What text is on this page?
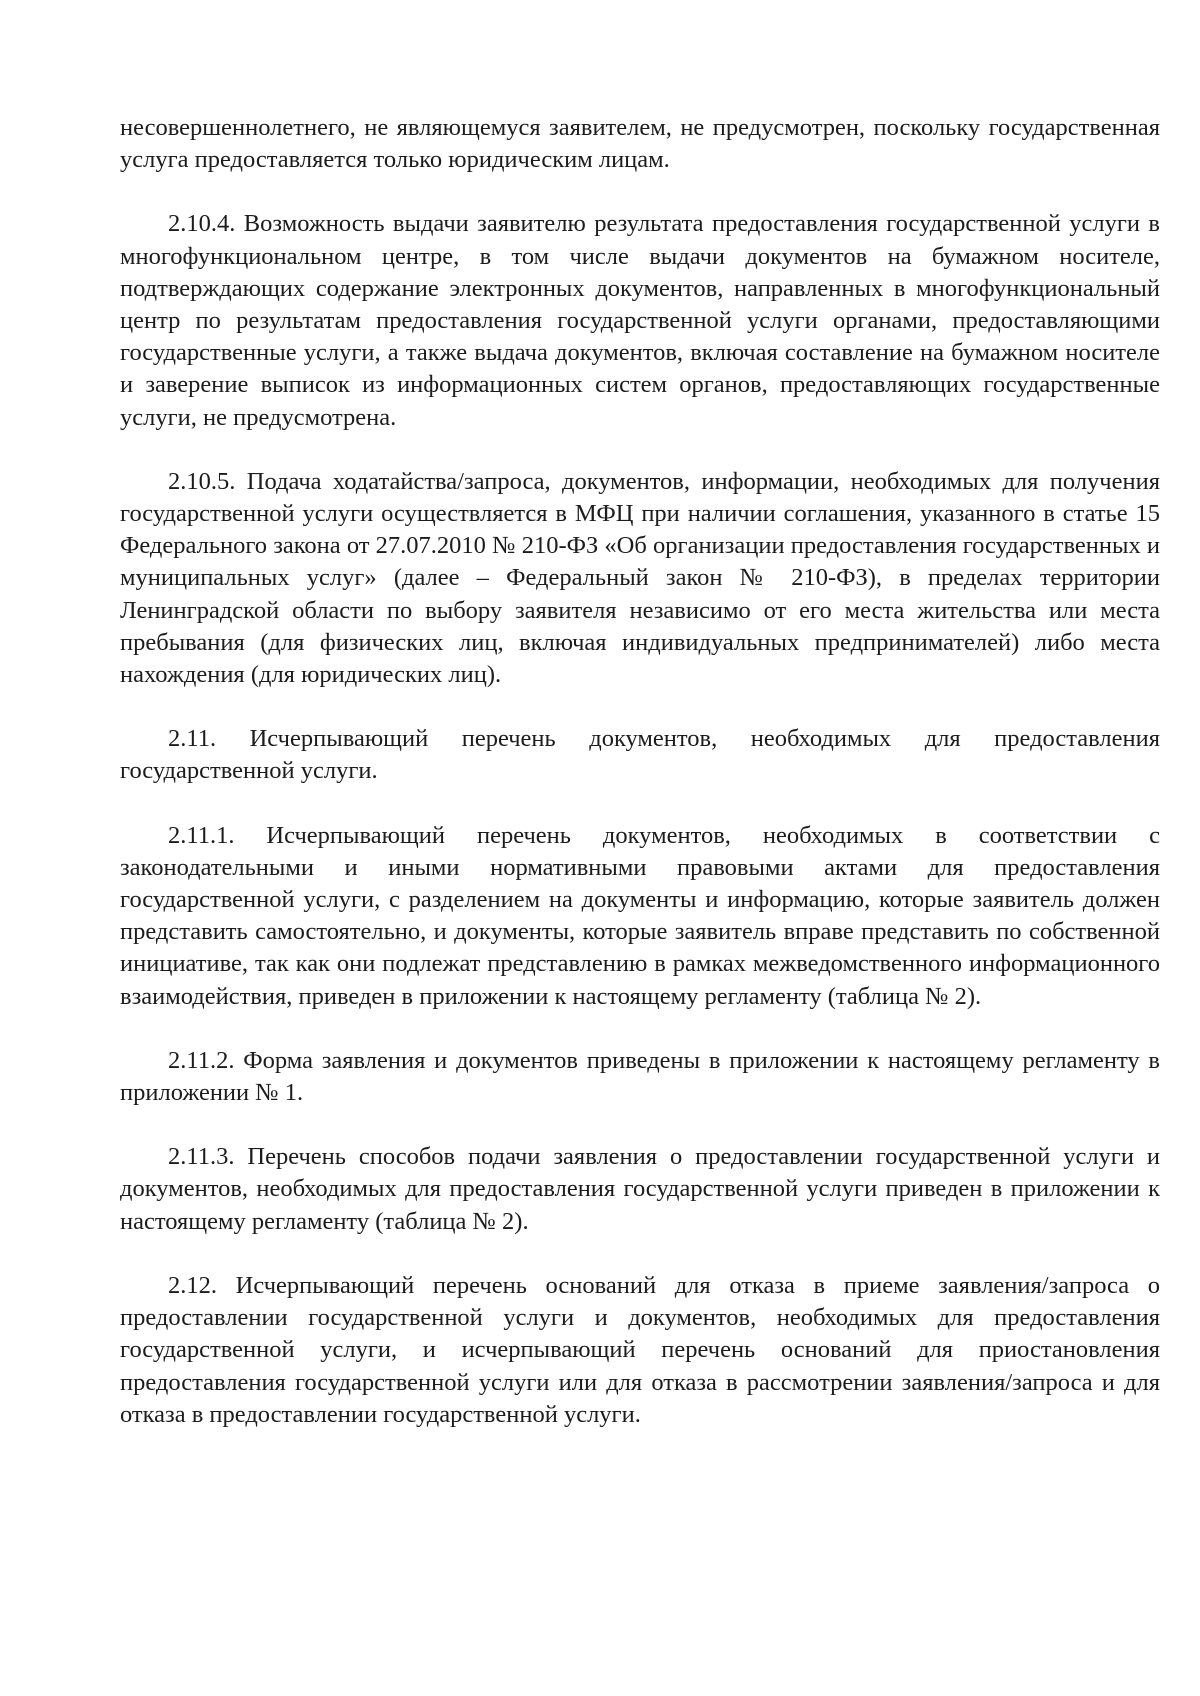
несовершеннолетнего, не являющемуся заявителем, не предусмотрен, поскольку государственная услуга предоставляется только юридическим лицам.

2.10.4. Возможность выдачи заявителю результата предоставления государственной услуги в многофункциональном центре, в том числе выдачи документов на бумажном носителе, подтверждающих содержание электронных документов, направленных в многофункциональный центр по результатам предоставления государственной услуги органами, предоставляющими государственные услуги, а также выдача документов, включая составление на бумажном носителе и заверение выписок из информационных систем органов, предоставляющих государственные услуги, не предусмотрена.

2.10.5. Подача ходатайства/запроса, документов, информации, необходимых для получения государственной услуги осуществляется в МФЦ при наличии соглашения, указанного в статье 15 Федерального закона от 27.07.2010 № 210-ФЗ «Об организации предоставления государственных и муниципальных услуг» (далее – Федеральный закон № 210-ФЗ), в пределах территории Ленинградской области по выбору заявителя независимо от его места жительства или места пребывания (для физических лиц, включая индивидуальных предпринимателей) либо места нахождения (для юридических лиц).

2.11. Исчерпывающий перечень документов, необходимых для предоставления государственной услуги.

2.11.1. Исчерпывающий перечень документов, необходимых в соответствии с законодательными и иными нормативными правовыми актами для предоставления государственной услуги, с разделением на документы и информацию, которые заявитель должен представить самостоятельно, и документы, которые заявитель вправе представить по собственной инициативе, так как они подлежат представлению в рамках межведомственного информационного взаимодействия, приведен в приложении к настоящему регламенту (таблица № 2).

2.11.2. Форма заявления и документов приведены в приложении к настоящему регламенту в приложении № 1.

2.11.3. Перечень способов подачи заявления о предоставлении государственной услуги и документов, необходимых для предоставления государственной услуги приведен в приложении к настоящему регламенту (таблица № 2).

2.12. Исчерпывающий перечень оснований для отказа в приеме заявления/запроса о предоставлении государственной услуги и документов, необходимых для предоставления государственной услуги, и исчерпывающий перечень оснований для приостановления предоставления государственной услуги или для отказа в рассмотрении заявления/запроса и для отказа в предоставлении государственной услуги.
